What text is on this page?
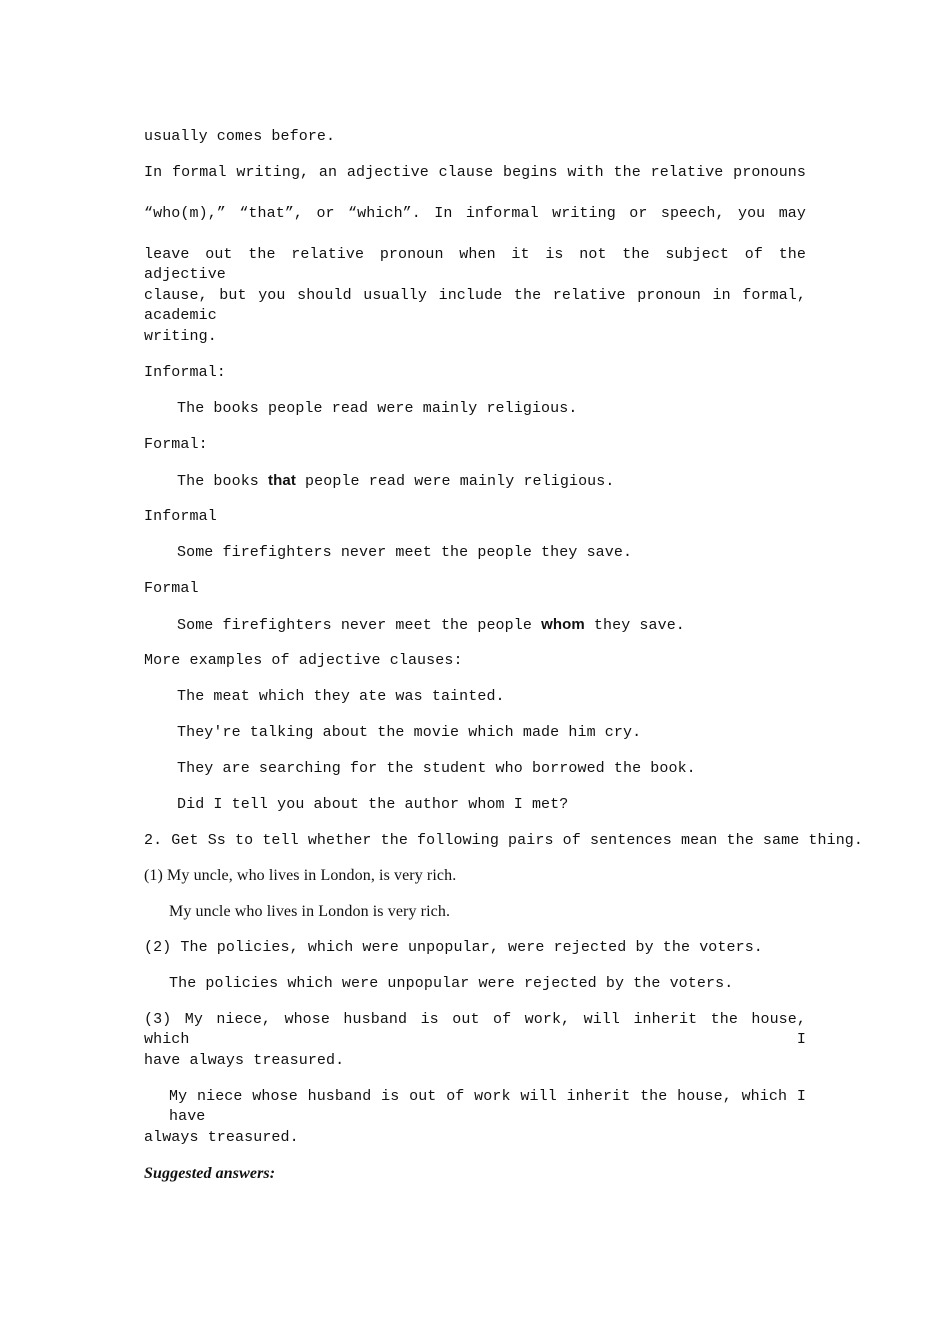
usually comes before.
In formal writing, an adjective clause begins with the relative pronouns
“who(m),” “that”, or “which”. In informal writing or speech, you may
leave out the relative pronoun when it is not the subject of the adjective
clause, but you should usually include the relative pronoun in formal, academic
writing.
Informal:
The books people read were mainly religious.
Formal:
The books that people read were mainly religious.
Informal
Some firefighters never meet the people they save.
Formal
Some firefighters never meet the people whom they save.
More examples of adjective clauses:
The meat which they ate was tainted.
They're talking about the movie which made him cry.
They are searching for the student who borrowed the book.
Did I tell you about the author whom I met?
2. Get Ss to tell whether the following pairs of sentences mean the same thing.
(1) My uncle, who lives in London, is very rich.
My uncle who lives in London is very rich.
(2) The policies, which were unpopular, were rejected by the voters.
The policies which were unpopular were rejected by the voters.
(3) My niece, whose husband is out of work, will inherit the house, which I
have always treasured.
My niece whose husband is out of work will inherit the house, which I have
always treasured.
Suggested answers:
